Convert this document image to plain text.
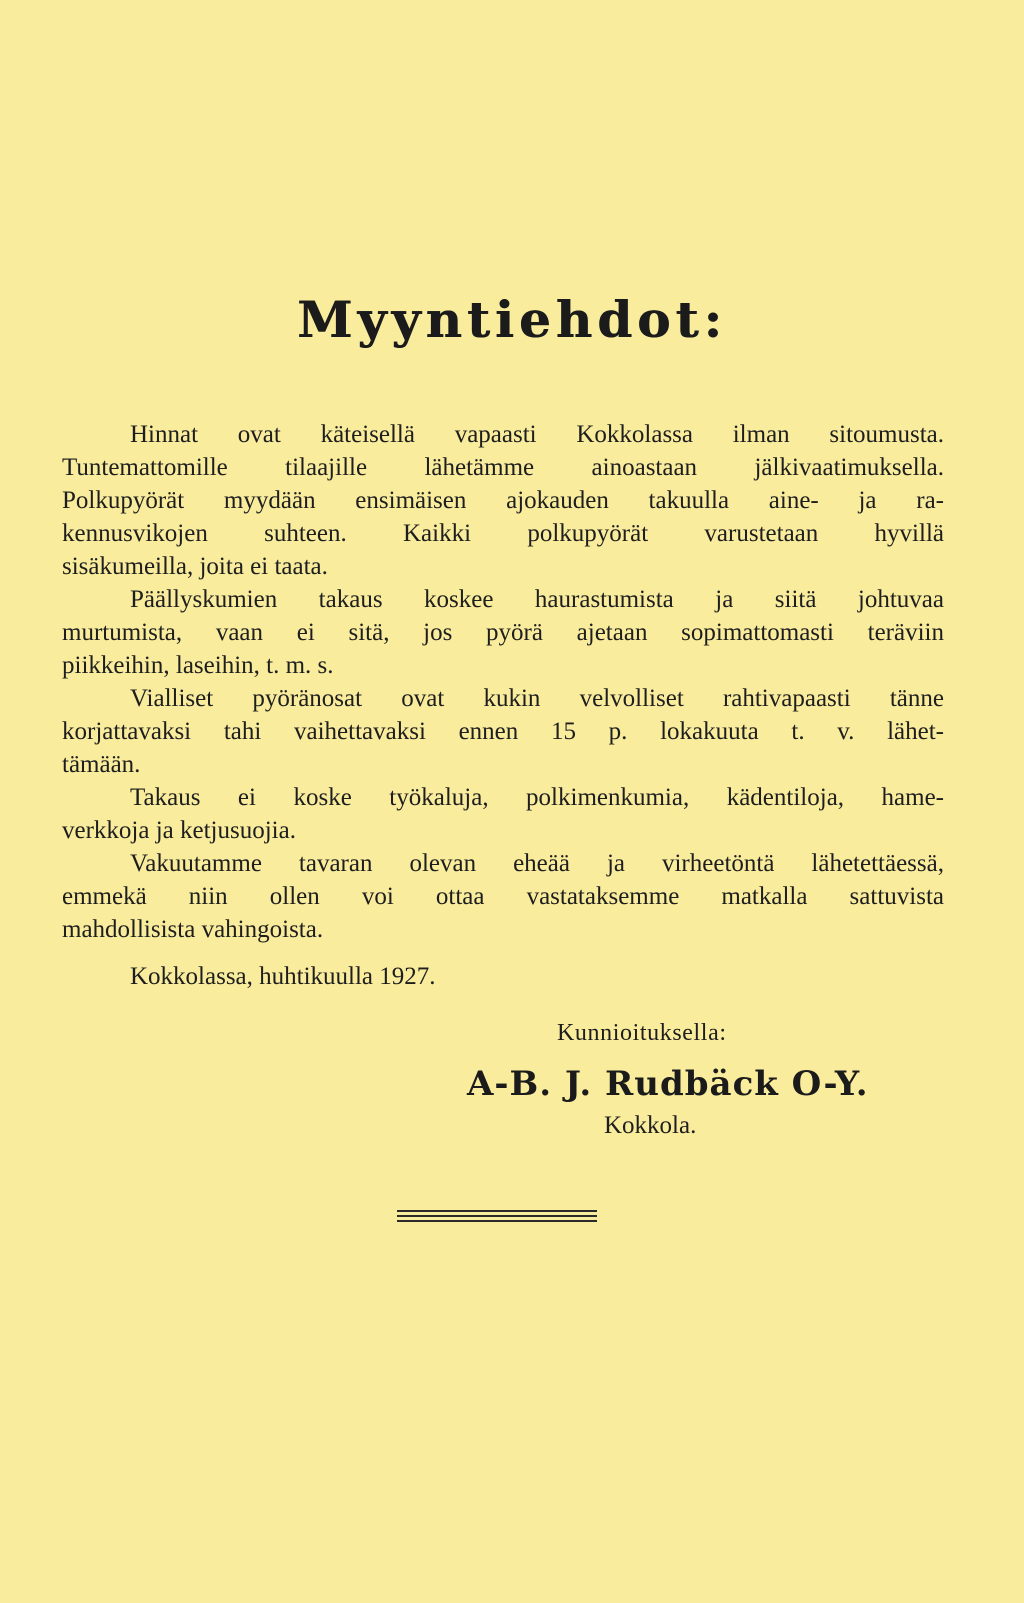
Myyntiehdot:

Hinnat ovat käteisellä vapaasti Kokkolassa ilman sitoumusta.
Tuntemattomille tilaajille lähetämme ainoastaan jälkivaatimuksella.
Polkupyörät myydään ensimäisen ajokauden takuulla aine- ja ra-
kennusvikojen suhteen. Kaikki polkupyörät varustetaan hyvillä
sisäkumeilla, joita ei taata.

Päällyskumien takaus koskee haurastumista ja siitä johtuvaa
murtumista, vaan ei sitä, jos pyörä ajetaan sopimattomasti teräviin
piikkeihin, laseihin, t. m. s.

Vialliset pyöränosat ovat kukin velvolliset rahtivapaasti tänne
korjattavaksi tahi vaihettavaksi ennen 15 p. lokakuuta t. v. lähet-
tämään.

Takaus ei koske työkaluja, polkimenkumia, kädentiloja, hame-
verkkoja ja ketjusuojia.

Vakuutamme tavaran olevan eheää ja virheetöntä lähetettäessä,
emmekä niin ollen voi ottaa vastataksemme matkalla sattuvista
mahdollisista vahingoista.

Kokkolassa, huhtikuulla 1927.
Kunnioituksella:
A-B. J. Rudbäck O-Y.
Kokkola.
